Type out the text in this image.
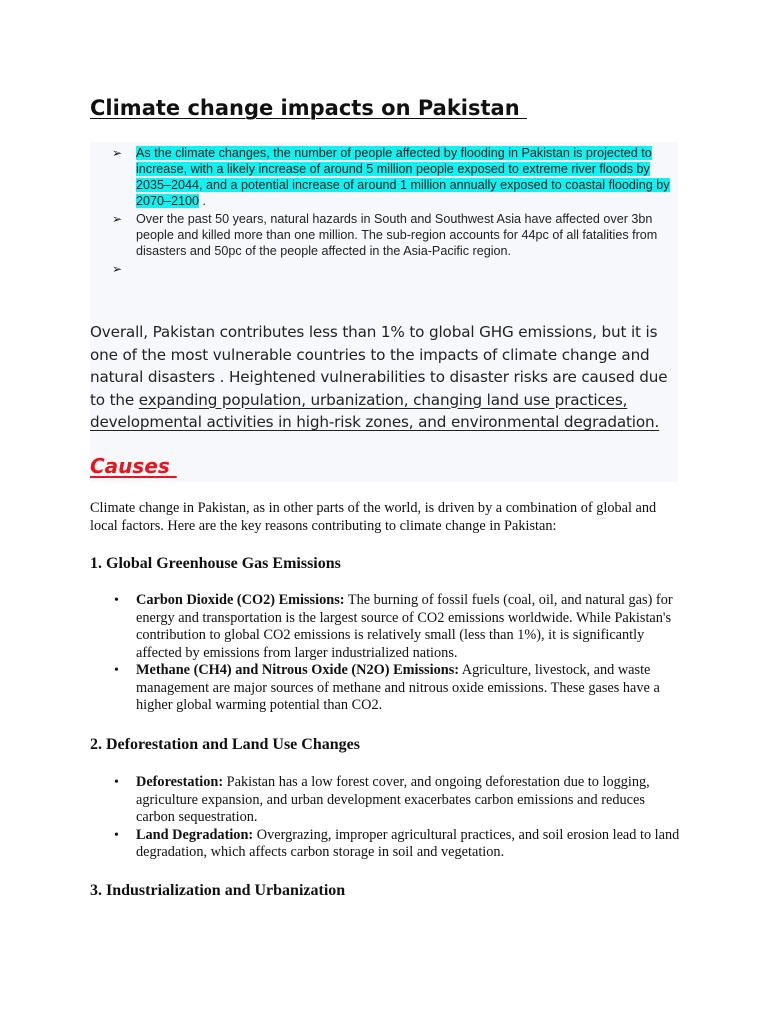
Climate change impacts on Pakistan
➢ As the climate changes, the number of people affected by flooding in Pakistan is projected to increase, with a likely increase of around 5 million people exposed to extreme river floods by 2035–2044, and a potential increase of around 1 million annually exposed to coastal flooding by 2070–2100 .
➢ Over the past 50 years, natural hazards in South and Southwest Asia have affected over 3bn people and killed more than one million. The sub-region accounts for 44pc of all fatalities from disasters and 50pc of the people affected in the Asia-Pacific region.
➢

Overall, Pakistan contributes less than 1% to global GHG emissions, but it is one of the most vulnerable countries to the impacts of climate change and natural disasters . Heightened vulnerabilities to disaster risks are caused due to the expanding population, urbanization, changing land use practices, developmental activities in high-risk zones, and environmental degradation.

Causes

Climate change in Pakistan, as in other parts of the world, is driven by a combination of global and local factors. Here are the key reasons contributing to climate change in Pakistan:

1. Global Greenhouse Gas Emissions
• Carbon Dioxide (CO2) Emissions: The burning of fossil fuels (coal, oil, and natural gas) for energy and transportation is the largest source of CO2 emissions worldwide. While Pakistan's contribution to global CO2 emissions is relatively small (less than 1%), it is significantly affected by emissions from larger industrialized nations.
• Methane (CH4) and Nitrous Oxide (N2O) Emissions: Agriculture, livestock, and waste management are major sources of methane and nitrous oxide emissions. These gases have a higher global warming potential than CO2.
2. Deforestation and Land Use Changes
• Deforestation: Pakistan has a low forest cover, and ongoing deforestation due to logging, agriculture expansion, and urban development exacerbates carbon emissions and reduces carbon sequestration.
• Land Degradation: Overgrazing, improper agricultural practices, and soil erosion lead to land degradation, which affects carbon storage in soil and vegetation.
3. Industrialization and Urbanization
